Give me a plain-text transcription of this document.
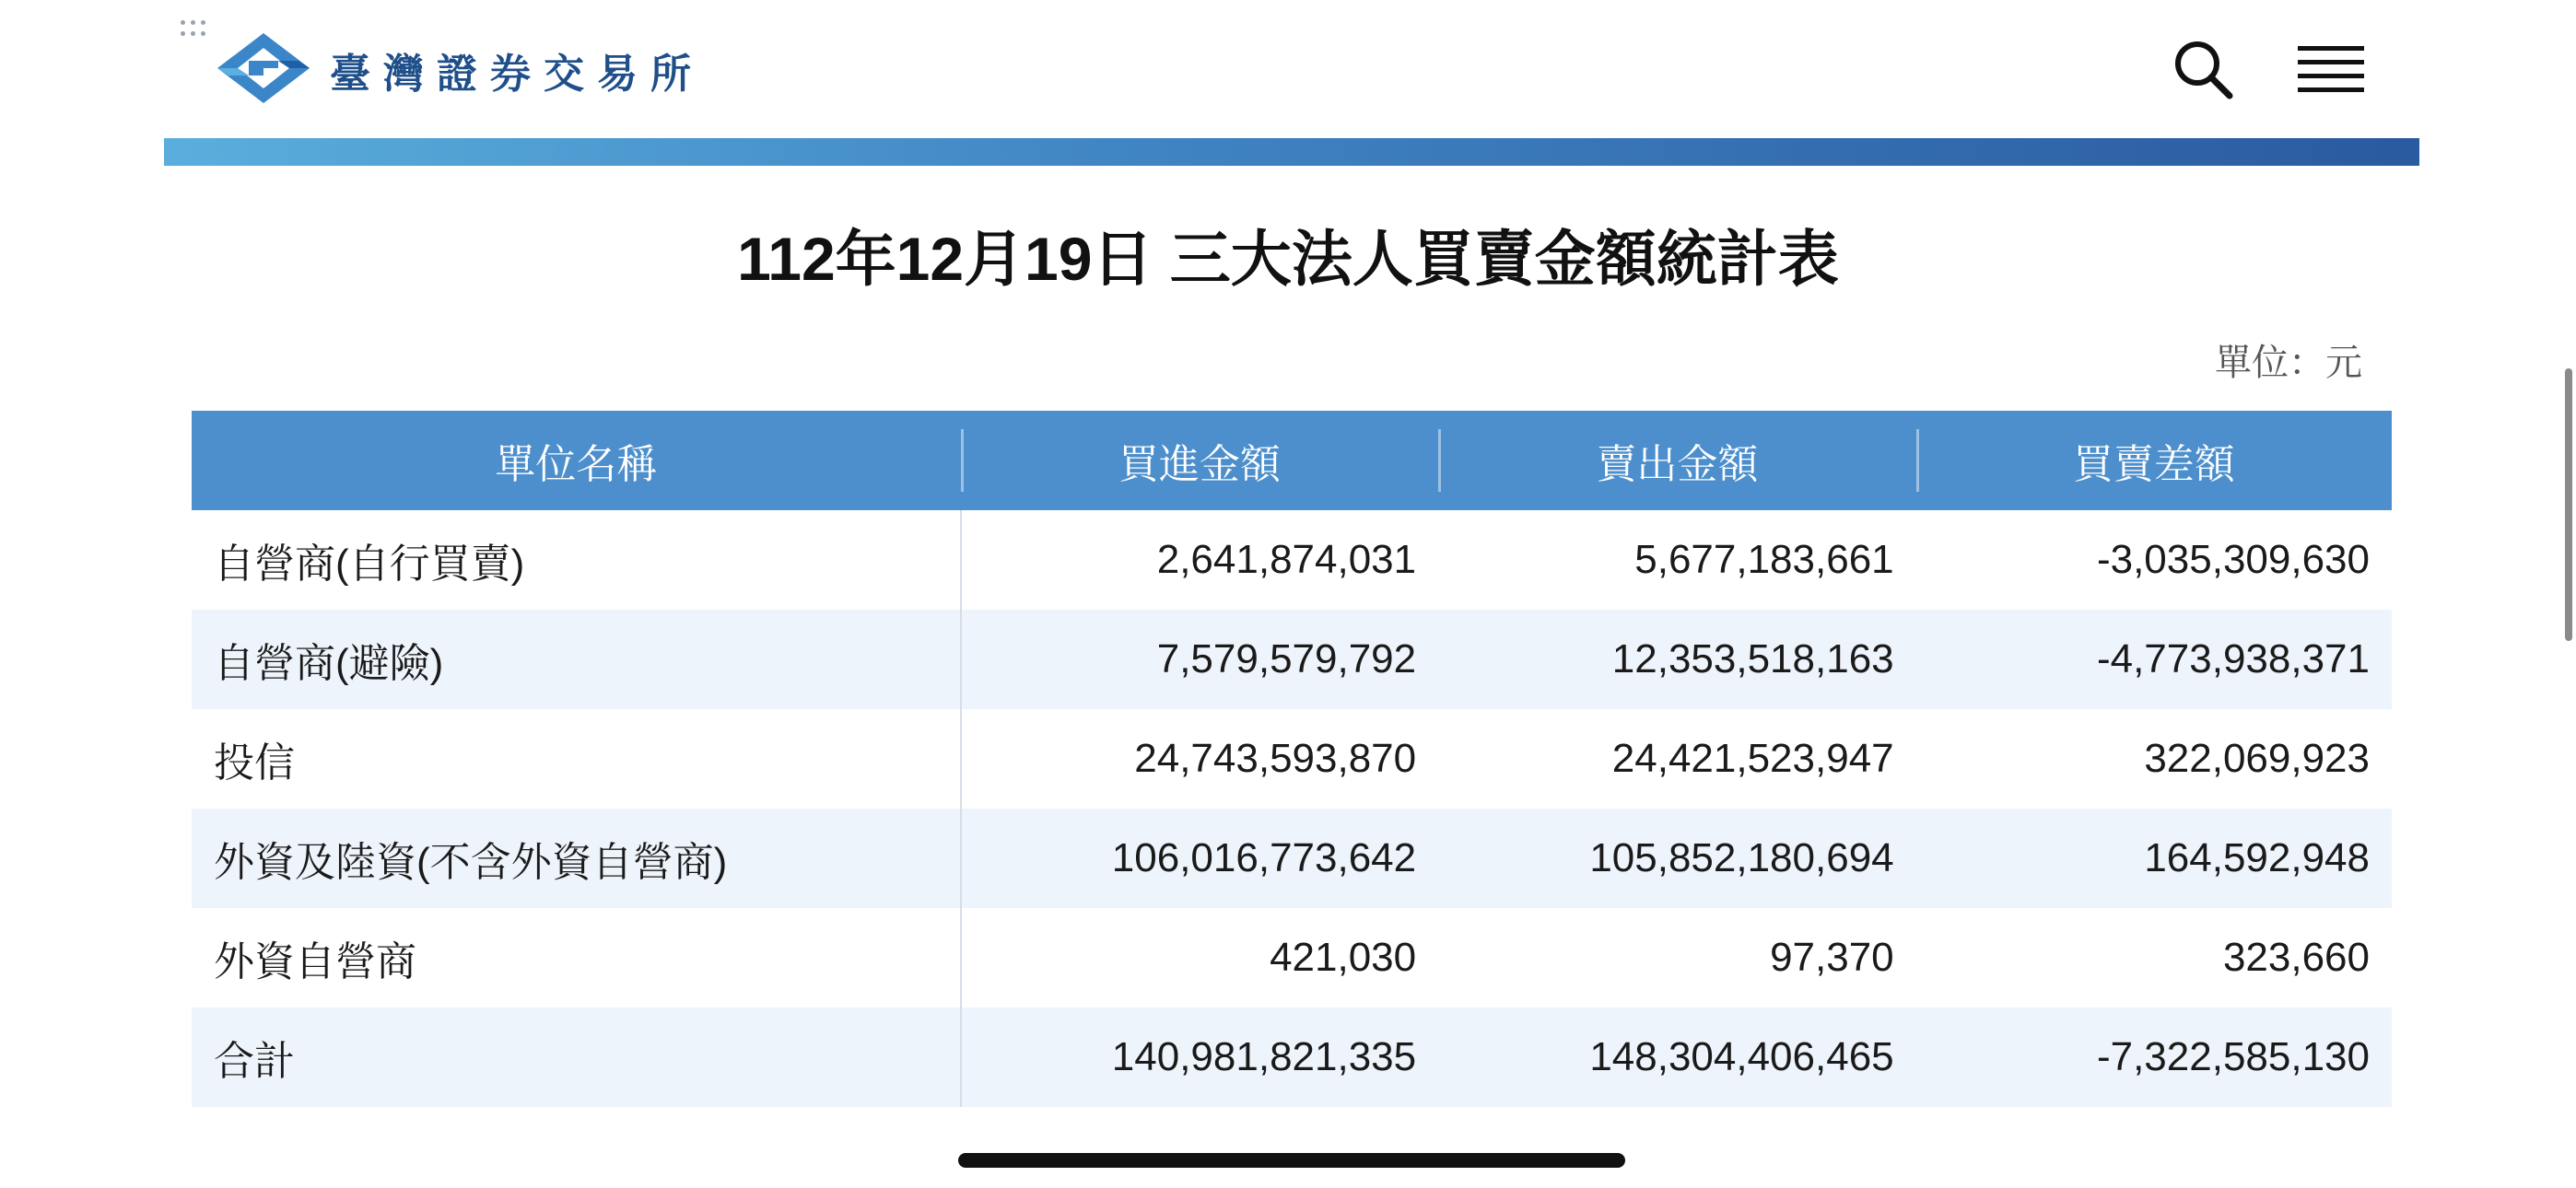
臺灣證券交易所
112年12月19日 三大法人買賣金額統計表
單位：元
單位名稱	買進金額	賣出金額	買賣差額
自營商(自行買賣)	2,641,874,031	5,677,183,661	-3,035,309,630
自營商(避險)	7,579,579,792	12,353,518,163	-4,773,938,371
投信	24,743,593,870	24,421,523,947	322,069,923
外資及陸資(不含外資自營商)	106,016,773,642	105,852,180,694	164,592,948
外資自營商	421,030	97,370	323,660
合計	140,981,821,335	148,304,406,465	-7,322,585,130
